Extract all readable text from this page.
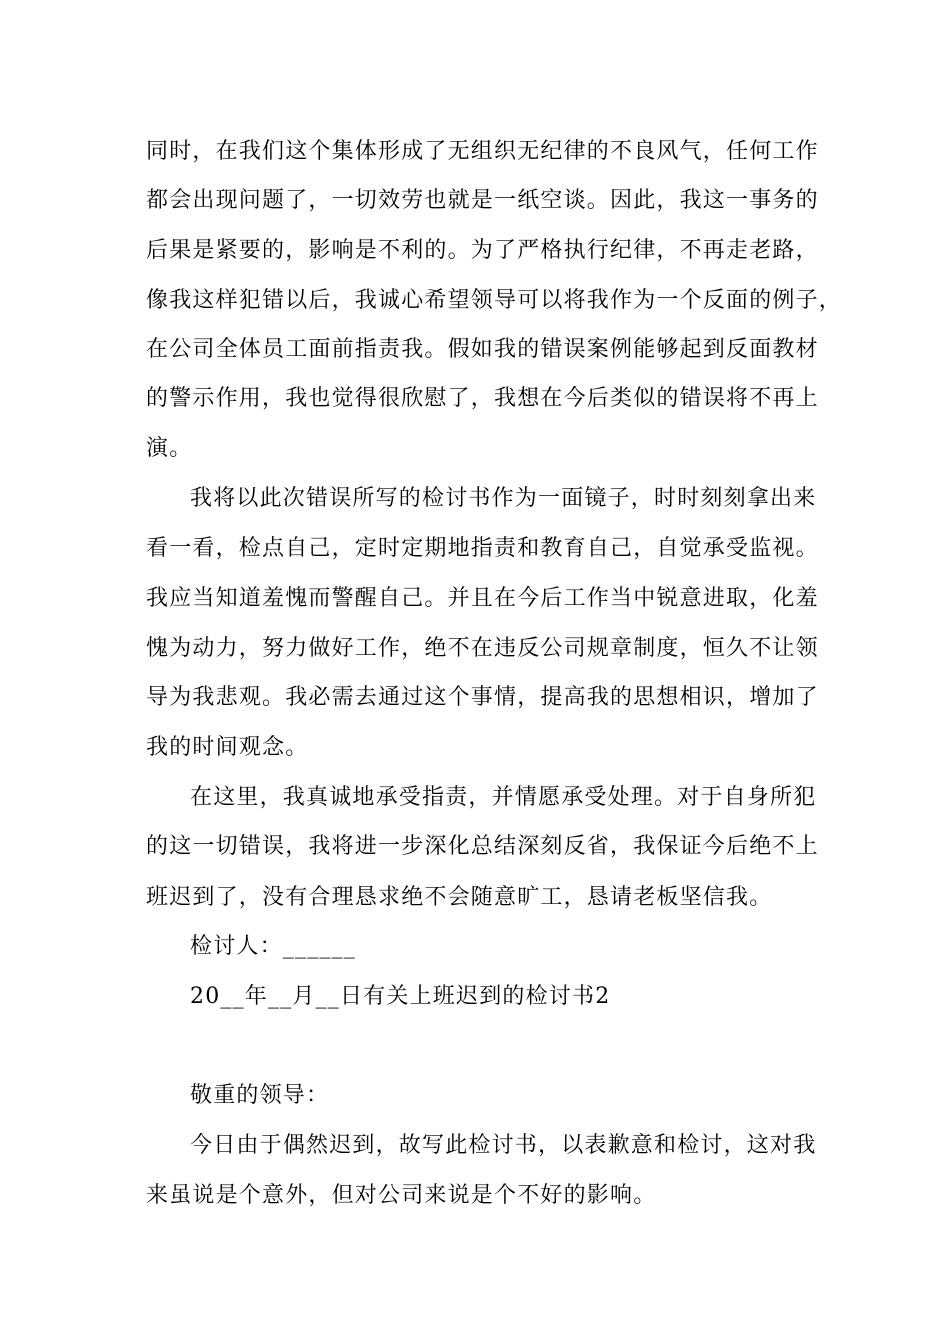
同时，在我们这个集体形成了无组织无纪律的不良风气，任何工作
都会出现问题了，一切效劳也就是一纸空谈。因此，我这一事务的
后果是紧要的，影响是不利的。为了严格执行纪律，不再走老路，
像我这样犯错以后，我诚心希望领导可以将我作为一个反面的例子，
在公司全体员工面前指责我。假如我的错误案例能够起到反面教材
的警示作用，我也觉得很欣慰了，我想在今后类似的错误将不再上
演。
我将以此次错误所写的检讨书作为一面镜子，时时刻刻拿出来
看一看，检点自己，定时定期地指责和教育自己，自觉承受监视。
我应当知道羞愧而警醒自己。并且在今后工作当中锐意进取，化羞
愧为动力，努力做好工作，绝不在违反公司规章制度，恒久不让领
导为我悲观。我必需去通过这个事情，提高我的思想相识，增加了
我的时间观念。
在这里，我真诚地承受指责，并情愿承受处理。对于自身所犯
的这一切错误，我将进一步深化总结深刻反省，我保证今后绝不上
班迟到了，没有合理恳求绝不会随意旷工，恳请老板坚信我。
检讨人：______
20__年__月__日有关上班迟到的检讨书2
敬重的领导：
今日由于偶然迟到，故写此检讨书，以表歉意和检讨，这对我
来虽说是个意外，但对公司来说是个不好的影响。
